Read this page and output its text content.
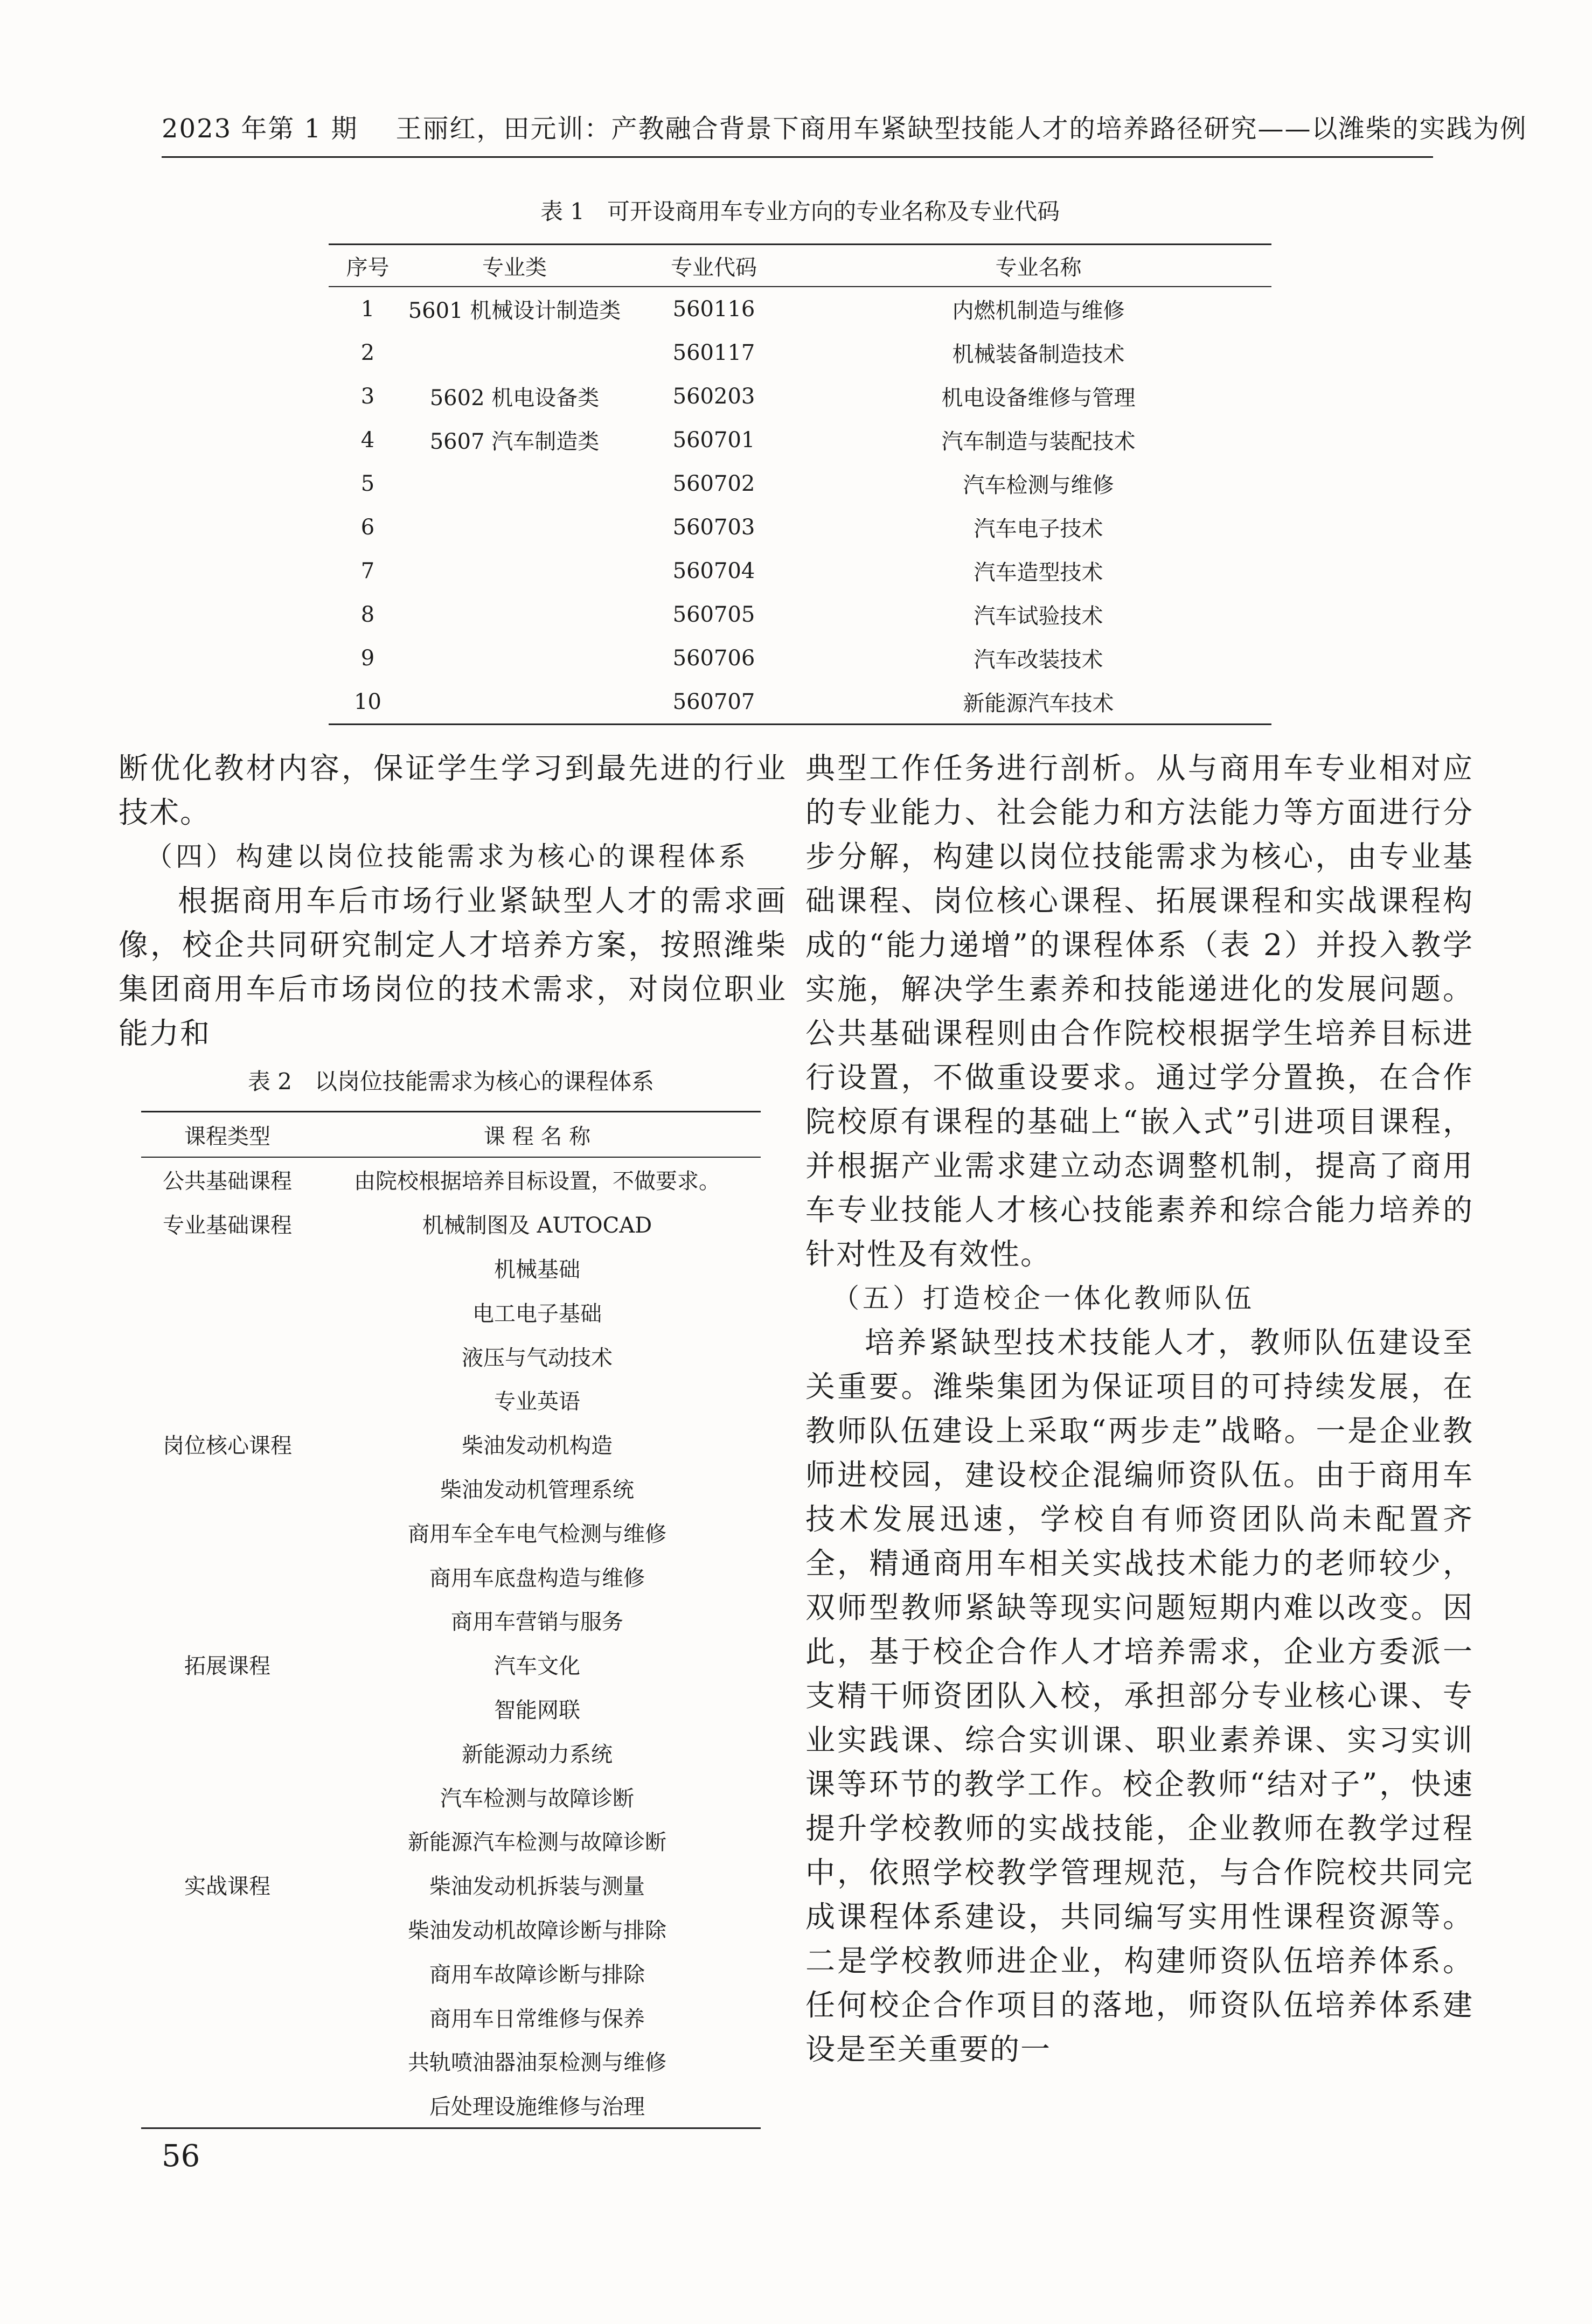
2023 年第 1 期 王丽红，田元训：产教融合背景下商用车紧缺型技能人才的培养路径研究——以潍柴的实践为例
表 1　可开设商用车专业方向的专业名称及专业代码
序号	专业类	专业代码	专业名称
1	5601 机械设计制造类	560116	内燃机制造与维修
2		560117	机械装备制造技术
3	5602 机电设备类	560203	机电设备维修与管理
4	5607 汽车制造类	560701	汽车制造与装配技术
5		560702	汽车检测与维修
6		560703	汽车电子技术
7		560704	汽车造型技术
8		560705	汽车试验技术
9		560706	汽车改装技术
10		560707	新能源汽车技术

断优化教材内容，保证学生学习到最先进的行业技术。

（四）构建以岗位技能需求为核心的课程体系

根据商用车后市场行业紧缺型人才的需求画像，校企共同研究制定人才培养方案，按照潍柴集团商用车后市场岗位的技术需求，对岗位职业能力和

表 2　以岗位技能需求为核心的课程体系
课程类型	课 程 名 称
公共基础课程	由院校根据培养目标设置，不做要求。
专业基础课程	机械制图及 AUTOCAD
	机械基础
	电工电子基础
	液压与气动技术
	专业英语
岗位核心课程	柴油发动机构造
	柴油发动机管理系统
	商用车全车电气检测与维修
	商用车底盘构造与维修
	商用车营销与服务
拓展课程	汽车文化
	智能网联
	新能源动力系统
	汽车检测与故障诊断
	新能源汽车检测与故障诊断
实战课程	柴油发动机拆装与测量
	柴油发动机故障诊断与排除
	商用车故障诊断与排除
	商用车日常维修与保养
	共轨喷油器油泵检测与维修
	后处理设施维修与治理

典型工作任务进行剖析。从与商用车专业相对应的专业能力、社会能力和方法能力等方面进行分步分解，构建以岗位技能需求为核心，由专业基础课程、岗位核心课程、拓展课程和实战课程构成的“能力递增”的课程体系（表 2）并投入教学实施，解决学生素养和技能递进化的发展问题。公共基础课程则由合作院校根据学生培养目标进行设置，不做重设要求。通过学分置换，在合作院校原有课程的基础上“嵌入式”引进项目课程，并根据产业需求建立动态调整机制，提高了商用车专业技能人才核心技能素养和综合能力培养的针对性及有效性。

（五）打造校企一体化教师队伍

培养紧缺型技术技能人才，教师队伍建设至关重要。潍柴集团为保证项目的可持续发展，在教师队伍建设上采取“两步走”战略。一是企业教师进校园，建设校企混编师资队伍。由于商用车技术发展迅速，学校自有师资团队尚未配置齐全，精通商用车相关实战技术能力的老师较少，双师型教师紧缺等现实问题短期内难以改变。因此，基于校企合作人才培养需求，企业方委派一支精干师资团队入校，承担部分专业核心课、专业实践课、综合实训课、职业素养课、实习实训课等环节的教学工作。校企教师“结对子”，快速提升学校教师的实战技能，企业教师在教学过程中，依照学校教学管理规范，与合作院校共同完成课程体系建设，共同编写实用性课程资源等。二是学校教师进企业，构建师资队伍培养体系。任何校企合作项目的落地，师资队伍培养体系建设是至关重要的一

56
